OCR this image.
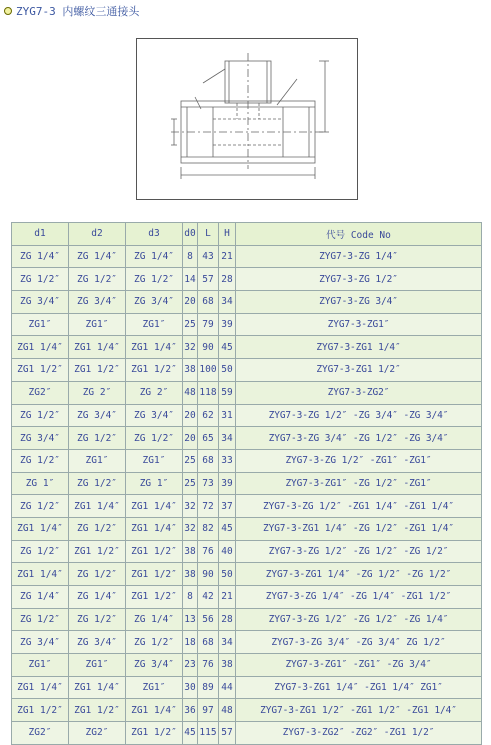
ZYG7-3 内螺纹三通接头
d1	d2	d3	d0	L	H	代号 Code No
ZG 1/4″	ZG 1/4″	ZG 1/4″	8	43	21	ZYG7-3-ZG 1/4″
ZG 1/2″	ZG 1/2″	ZG 1/2″	14	57	28	ZYG7-3-ZG 1/2″
ZG 3/4″	ZG 3/4″	ZG 3/4″	20	68	34	ZYG7-3-ZG 3/4″
ZG1″	ZG1″	ZG1″	25	79	39	ZYG7-3-ZG1″
ZG1 1/4″	ZG1 1/4″	ZG1 1/4″	32	90	45	ZYG7-3-ZG1 1/4″
ZG1 1/2″	ZG1 1/2″	ZG1 1/2″	38	100	50	ZYG7-3-ZG1 1/2″
ZG2″	ZG 2″	ZG 2″	48	118	59	ZYG7-3-ZG2″
ZG 1/2″	ZG 3/4″	ZG 3/4″	20	62	31	ZYG7-3-ZG 1/2″ -ZG 3/4″ -ZG 3/4″
ZG 3/4″	ZG 1/2″	ZG 1/2″	20	65	34	ZYG7-3-ZG 3/4″ -ZG 1/2″ -ZG 3/4″
ZG 1/2″	ZG1″	ZG1″	25	68	33	ZYG7-3-ZG 1/2″ -ZG1″ -ZG1″
ZG 1″	ZG 1/2″	ZG 1″	25	73	39	ZYG7-3-ZG1″ -ZG 1/2″ -ZG1″
ZG 1/2″	ZG1 1/4″	ZG1 1/4″	32	72	37	ZYG7-3-ZG 1/2″ -ZG1 1/4″ -ZG1 1/4″
ZG1 1/4″	ZG 1/2″	ZG1 1/4″	32	82	45	ZYG7-3-ZG1 1/4″ -ZG 1/2″ -ZG1 1/4″
ZG 1/2″	ZG1 1/2″	ZG1 1/2″	38	76	40	ZYG7-3-ZG 1/2″ -ZG 1/2″ -ZG 1/2″
ZG1 1/4″	ZG 1/2″	ZG1 1/2″	38	90	50	ZYG7-3-ZG1 1/4″ -ZG 1/2″ -ZG 1/2″
ZG 1/4″	ZG 1/4″	ZG1 1/2″	8	42	21	ZYG7-3-ZG 1/4″ -ZG 1/4″ -ZG1 1/2″
ZG 1/2″	ZG 1/2″	ZG 1/4″	13	56	28	ZYG7-3-ZG 1/2″ -ZG 1/2″ -ZG 1/4″
ZG 3/4″	ZG 3/4″	ZG 1/2″	18	68	34	ZYG7-3-ZG 3/4″ -ZG 3/4″ ZG 1/2″
ZG1″	ZG1″	ZG 3/4″	23	76	38	ZYG7-3-ZG1″ -ZG1″ -ZG 3/4″
ZG1 1/4″	ZG1 1/4″	ZG1″	30	89	44	ZYG7-3-ZG1 1/4″ -ZG1 1/4″ ZG1″
ZG1 1/2″	ZG1 1/2″	ZG1 1/4″	36	97	48	ZYG7-3-ZG1 1/2″ -ZG1 1/2″ -ZG1 1/4″
ZG2″	ZG2″	ZG1 1/2″	45	115	57	ZYG7-3-ZG2″ -ZG2″ -ZG1 1/2″
